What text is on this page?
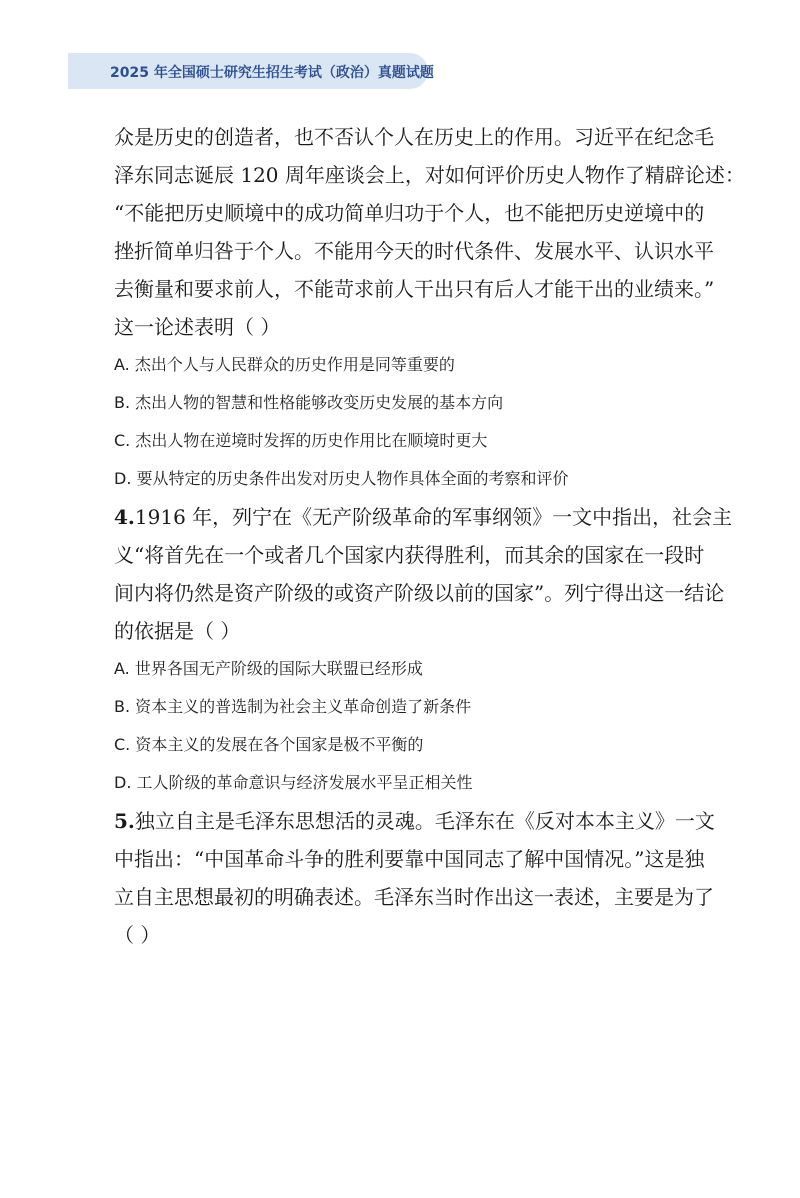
2025 年全国硕士研究生招生考试（政治）真题试题
众是历史的创造者，也不否认个人在历史上的作用。习近平在纪念毛
泽东同志诞辰 120 周年座谈会上，对如何评价历史人物作了精辟论述：
“不能把历史顺境中的成功简单归功于个人，也不能把历史逆境中的
挫折简单归咎于个人。不能用今天的时代条件、发展水平、认识水平
去衡量和要求前人，不能苛求前人干出只有后人才能干出的业绩来。”
这一论述表明（ ）
A. 杰出个人与人民群众的历史作用是同等重要的
B. 杰出人物的智慧和性格能够改变历史发展的基本方向
C. 杰出人物在逆境时发挥的历史作用比在顺境时更大
D. 要从特定的历史条件出发对历史人物作具体全面的考察和评价
4.1916 年，列宁在《无产阶级革命的军事纲领》一文中指出，社会主
义“将首先在一个或者几个国家内获得胜利，而其余的国家在一段时
间内将仍然是资产阶级的或资产阶级以前的国家”。列宁得出这一结论
的依据是（ ）
A. 世界各国无产阶级的国际大联盟已经形成
B. 资本主义的普选制为社会主义革命创造了新条件
C. 资本主义的发展在各个国家是极不平衡的
D. 工人阶级的革命意识与经济发展水平呈正相关性
5.独立自主是毛泽东思想活的灵魂。毛泽东在《反对本本主义》一文
中指出：“中国革命斗争的胜利要靠中国同志了解中国情况。”这是独
立自主思想最初的明确表述。毛泽东当时作出这一表述，主要是为了
（ ）
